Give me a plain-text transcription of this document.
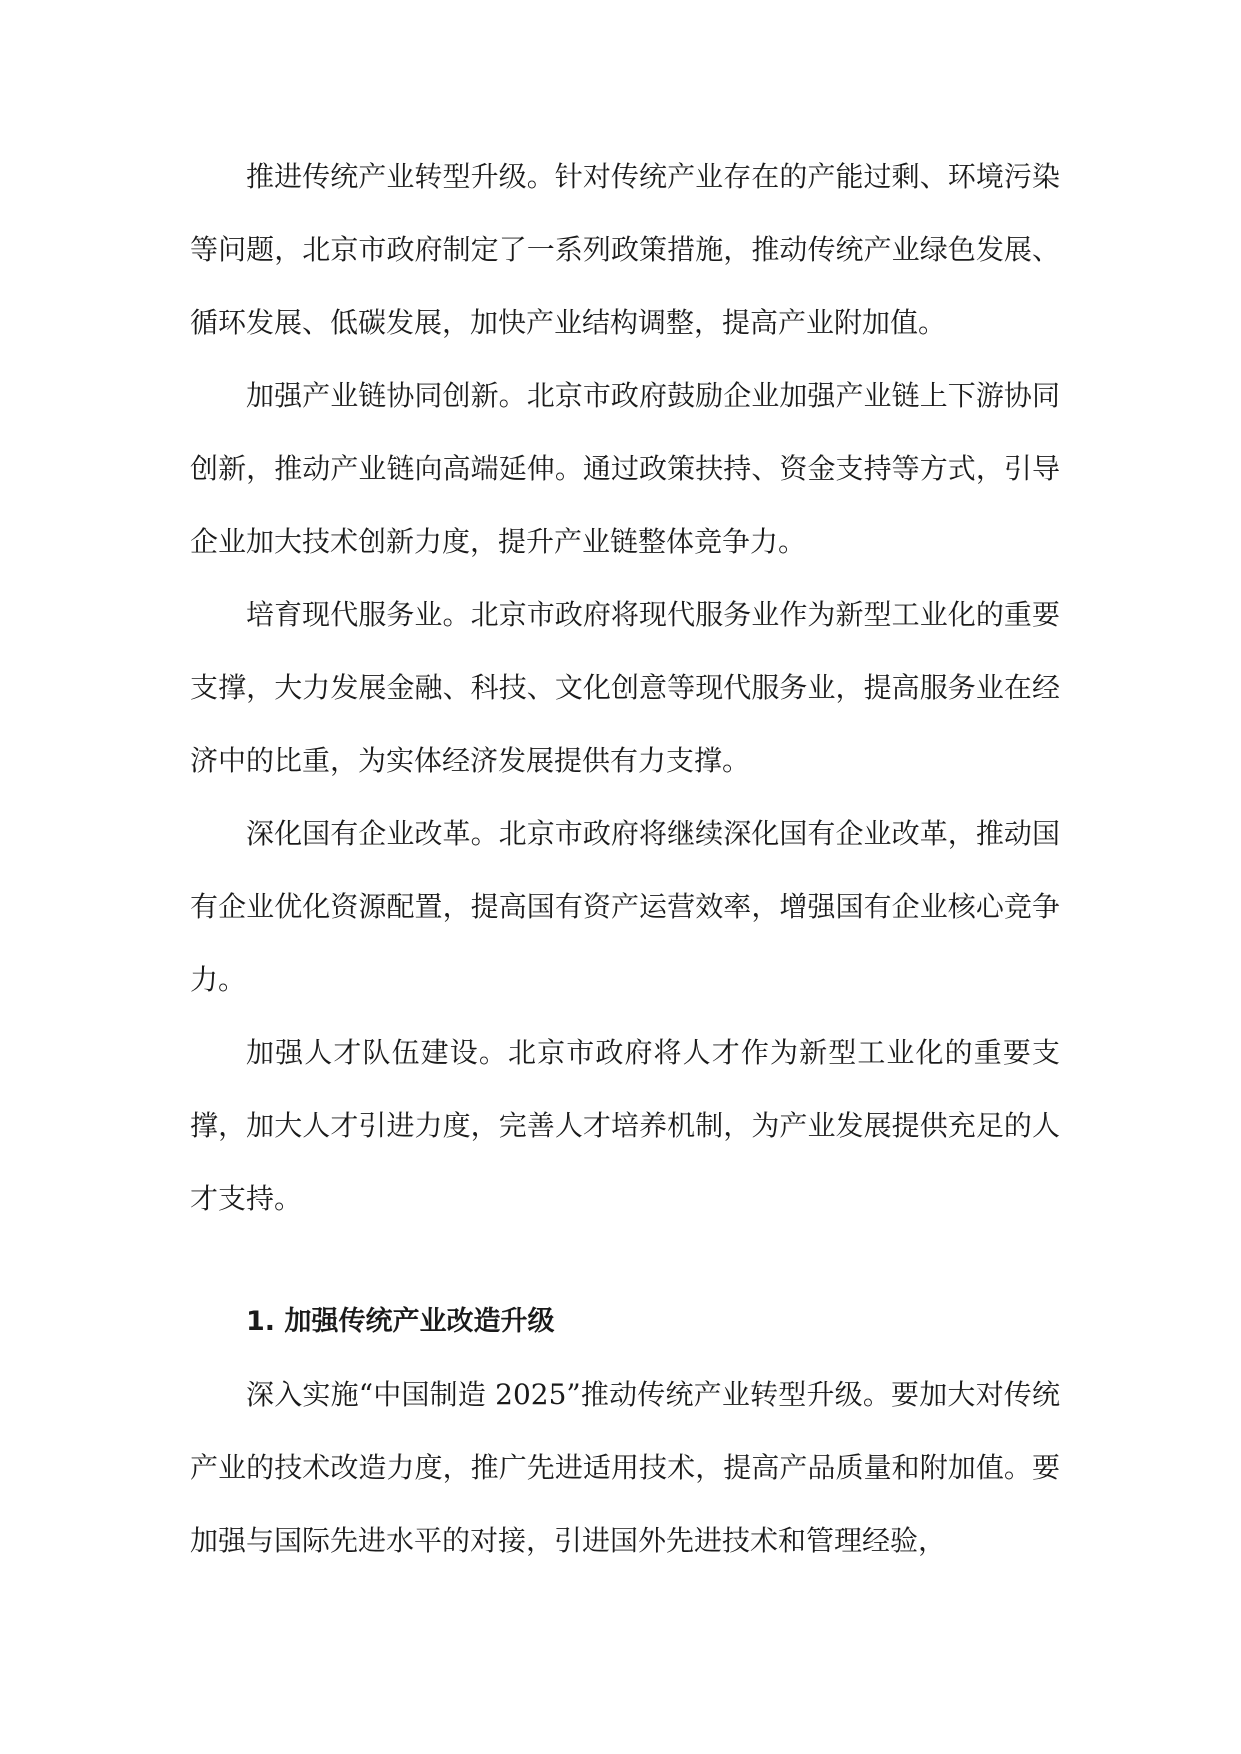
推进传统产业转型升级。针对传统产业存在的产能过剩、环境污染等问题，北京市政府制定了一系列政策措施，推动传统产业绿色发展、循环发展、低碳发展，加快产业结构调整，提高产业附加值。

加强产业链协同创新。北京市政府鼓励企业加强产业链上下游协同创新，推动产业链向高端延伸。通过政策扶持、资金支持等方式，引导企业加大技术创新力度，提升产业链整体竞争力。

培育现代服务业。北京市政府将现代服务业作为新型工业化的重要支撑，大力发展金融、科技、文化创意等现代服务业，提高服务业在经济中的比重，为实体经济发展提供有力支撑。

深化国有企业改革。北京市政府将继续深化国有企业改革，推动国有企业优化资源配置，提高国有资产运营效率，增强国有企业核心竞争力。

加强人才队伍建设。北京市政府将人才作为新型工业化的重要支撑，加大人才引进力度，完善人才培养机制，为产业发展提供充足的人才支持。

1. 加强传统产业改造升级

深入实施“中国制造 2025”推动传统产业转型升级。要加大对传统产业的技术改造力度，推广先进适用技术，提高产品质量和附加值。要加强与国际先进水平的对接，引进国外先进技术和管理经验，
